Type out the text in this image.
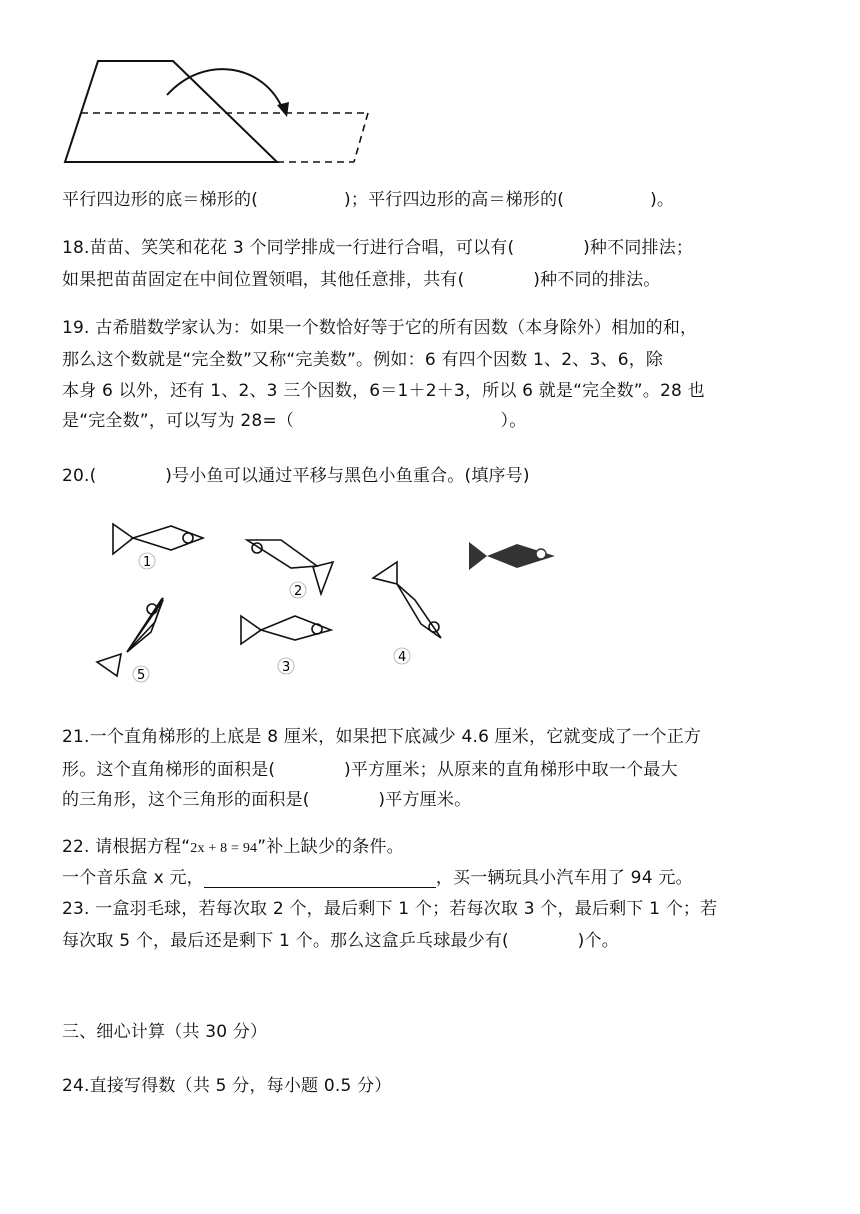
平行四边形的底＝梯形的(　　　　　)；平行四边形的高＝梯形的(　　　　　)。
18.苗苗、笑笑和花花 3 个同学排成一行进行合唱，可以有(　　　　)种不同排法；
如果把苗苗固定在中间位置领唱，其他任意排，共有(　　　　)种不同的排法。
19. 古希腊数学家认为：如果一个数恰好等于它的所有因数（本身除外）相加的和，
那么这个数就是“完全数”又称“完美数”。例如：6 有四个因数 1、2、3、6，除
本身 6 以外，还有 1、2、3 三个因数，6＝1＋2＋3，所以 6 就是“完全数”。28 也
是“完全数”，可以写为 28=（　　　　　　　　　　　　）。
20.(　　　　)号小鱼可以通过平移与黑色小鱼重合。(填序号)
1
2
3
4
5
21.一个直角梯形的上底是 8 厘米，如果把下底减少 4.6 厘米，它就变成了一个正方
形。这个直角梯形的面积是(　　　　)平方厘米；从原来的直角梯形中取一个最大
的三角形，这个三角形的面积是(　　　　)平方厘米。
22. 请根据方程“2x + 8 = 94”补上缺少的条件。
一个音乐盒 x 元，	，买一辆玩具小汽车用了 94 元。
23. 一盒羽毛球，若每次取 2 个，最后剩下 1 个；若每次取 3 个，最后剩下 1 个；若
每次取 5 个，最后还是剩下 1 个。那么这盒乒乓球最少有(　　　　)个。
三、细心计算（共 30 分）
24.直接写得数（共 5 分，每小题 0.5 分）
